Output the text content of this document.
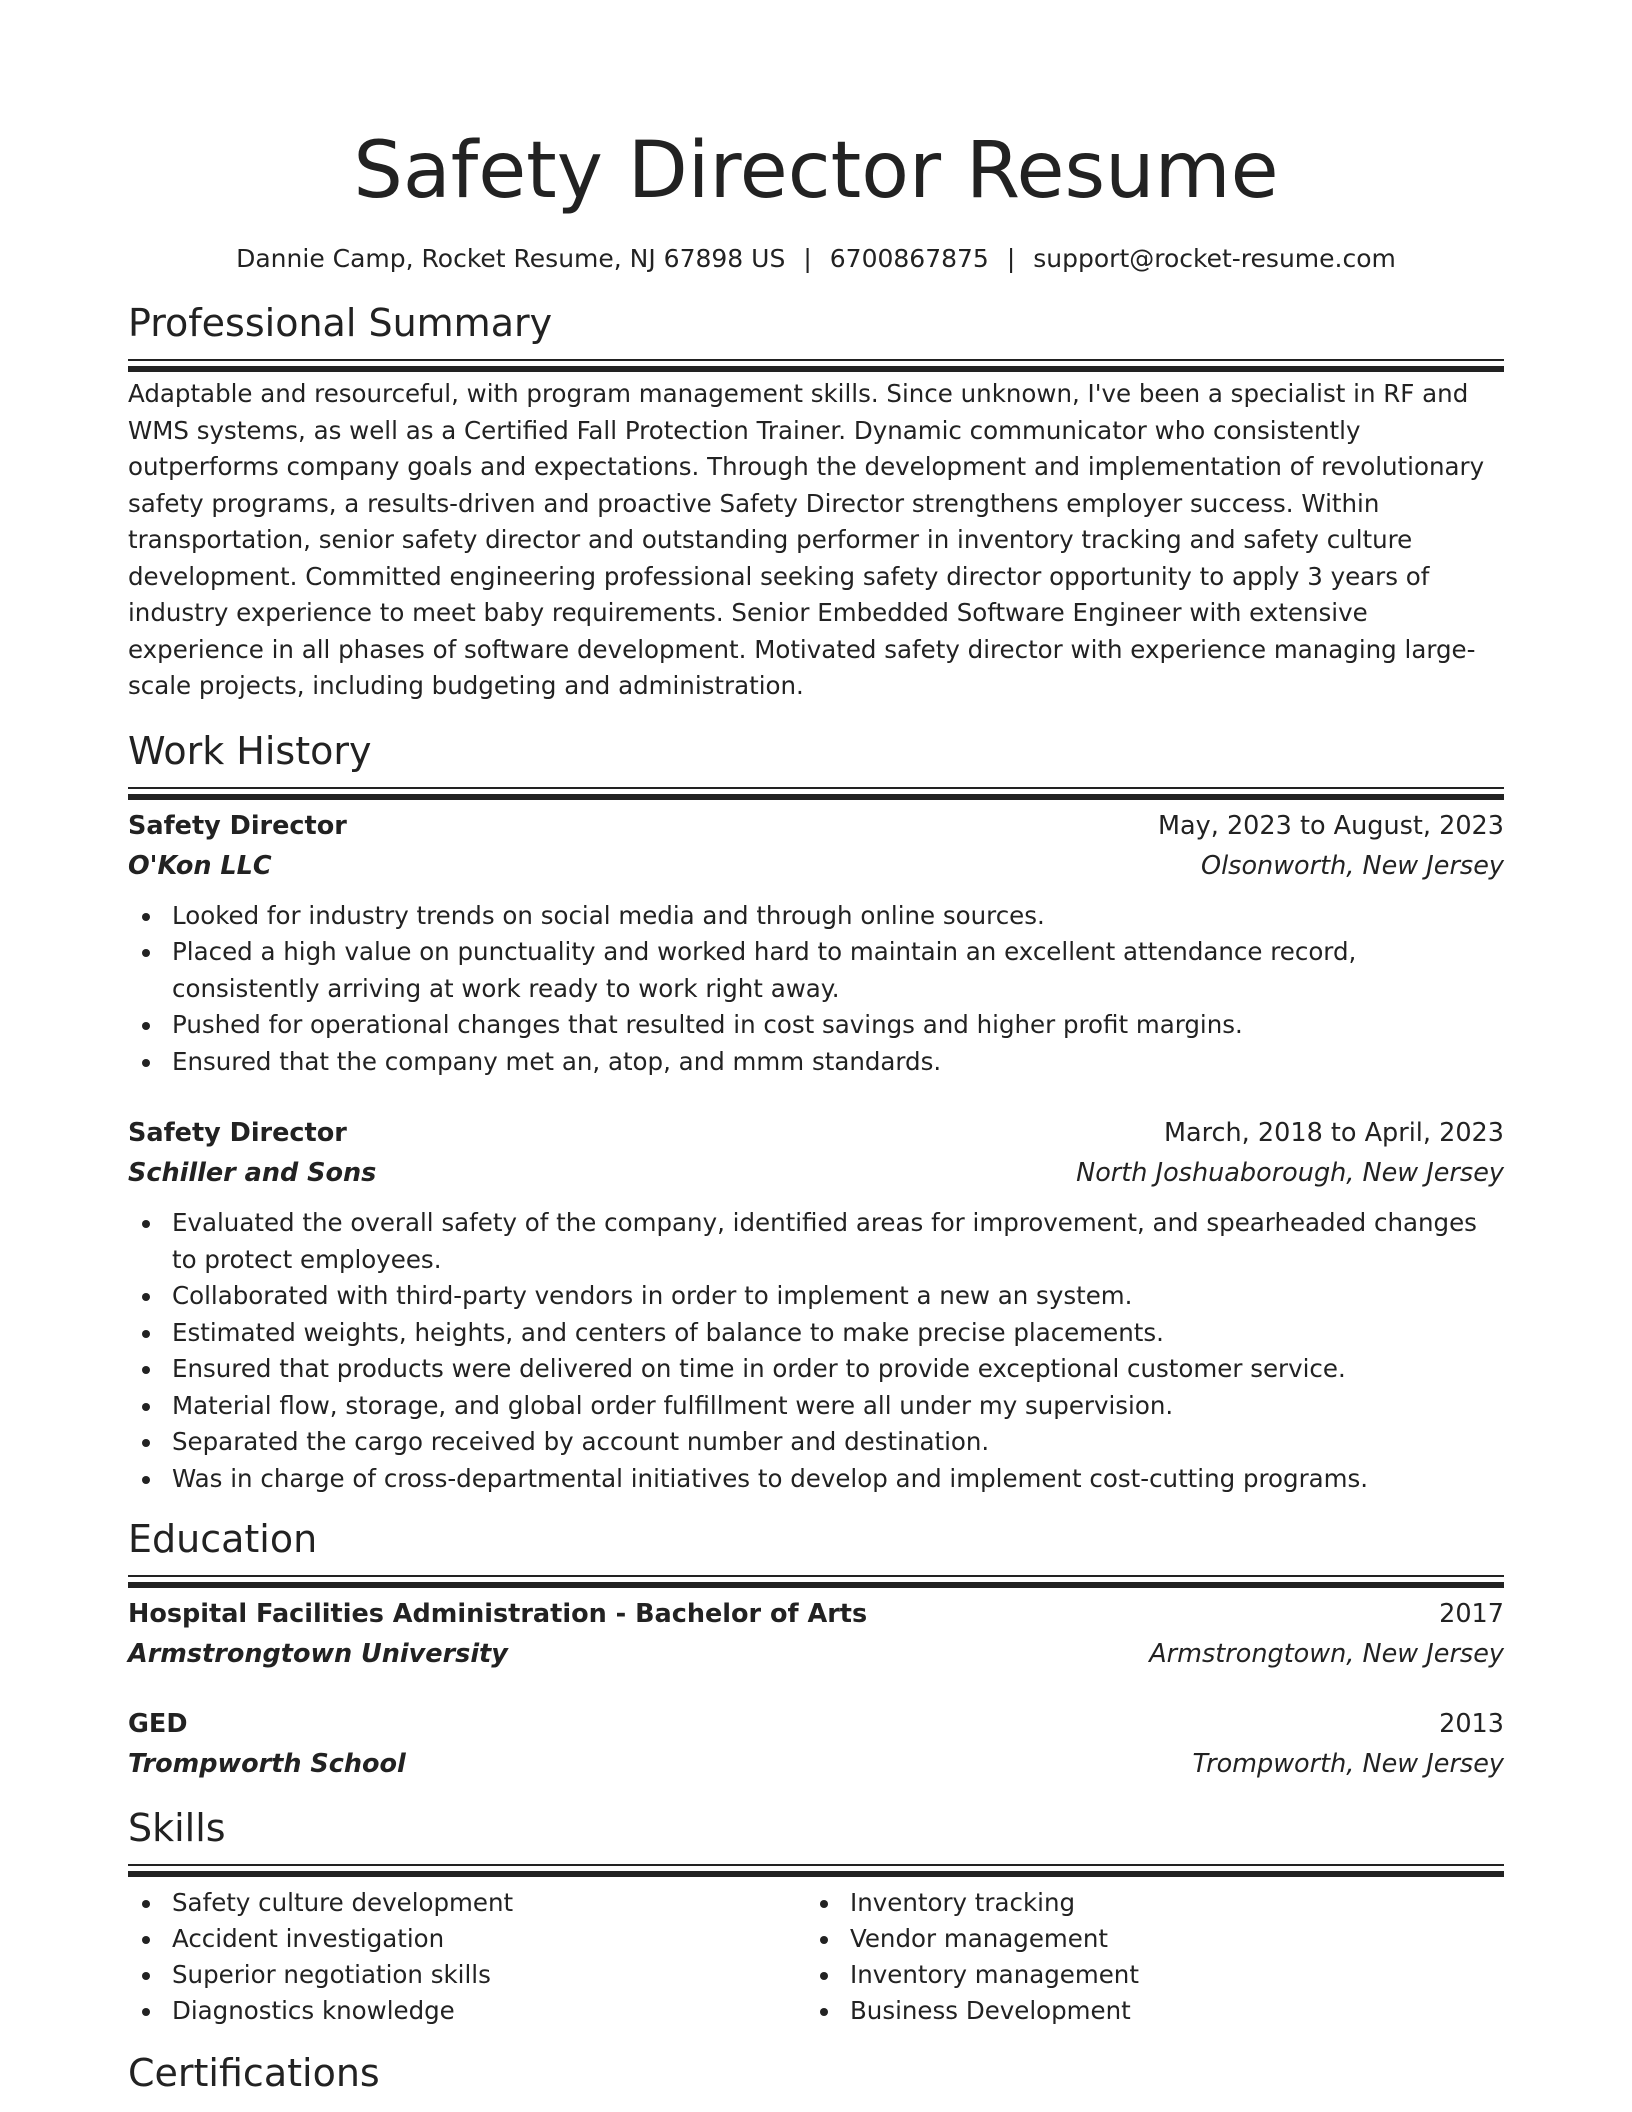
Safety Director Resume
Dannie Camp, Rocket Resume, NJ 67898 US | 6700867875 | support@rocket-resume.com
Professional Summary

Adaptable and resourceful, with program management skills. Since unknown, I've been a specialist in RF and WMS systems, as well as a Certified Fall Protection Trainer. Dynamic communicator who consistently outperforms company goals and expectations. Through the development and implementation of revolutionary safety programs, a results-driven and proactive Safety Director strengthens employer success. Within transportation, senior safety director and outstanding performer in inventory tracking and safety culture development. Committed engineering professional seeking safety director opportunity to apply 3 years of industry experience to meet baby requirements. Senior Embedded Software Engineer with extensive experience in all phases of software development. Motivated safety director with experience managing large-scale projects, including budgeting and administration.

Work History
Safety Director	May, 2023 to August, 2023
O'Kon LLC	Olsonworth, New Jersey
Looked for industry trends on social media and through online sources.
Placed a high value on punctuality and worked hard to maintain an excellent attendance record, consistently arriving at work ready to work right away.
Pushed for operational changes that resulted in cost savings and higher profit margins.
Ensured that the company met an, atop, and mmm standards.
Safety Director	March, 2018 to April, 2023
Schiller and Sons	North Joshuaborough, New Jersey
Evaluated the overall safety of the company, identified areas for improvement, and spearheaded changes to protect employees.
Collaborated with third-party vendors in order to implement a new an system.
Estimated weights, heights, and centers of balance to make precise placements.
Ensured that products were delivered on time in order to provide exceptional customer service.
Material flow, storage, and global order fulfillment were all under my supervision.
Separated the cargo received by account number and destination.
Was in charge of cross-departmental initiatives to develop and implement cost-cutting programs.
Education
Hospital Facilities Administration - Bachelor of Arts	2017
Armstrongtown University	Armstrongtown, New Jersey
GED	2013
Trompworth School	Trompworth, New Jersey
Skills
Safety culture development
Accident investigation
Superior negotiation skills
Diagnostics knowledge
Inventory tracking
Vendor management
Inventory management
Business Development
Certifications
